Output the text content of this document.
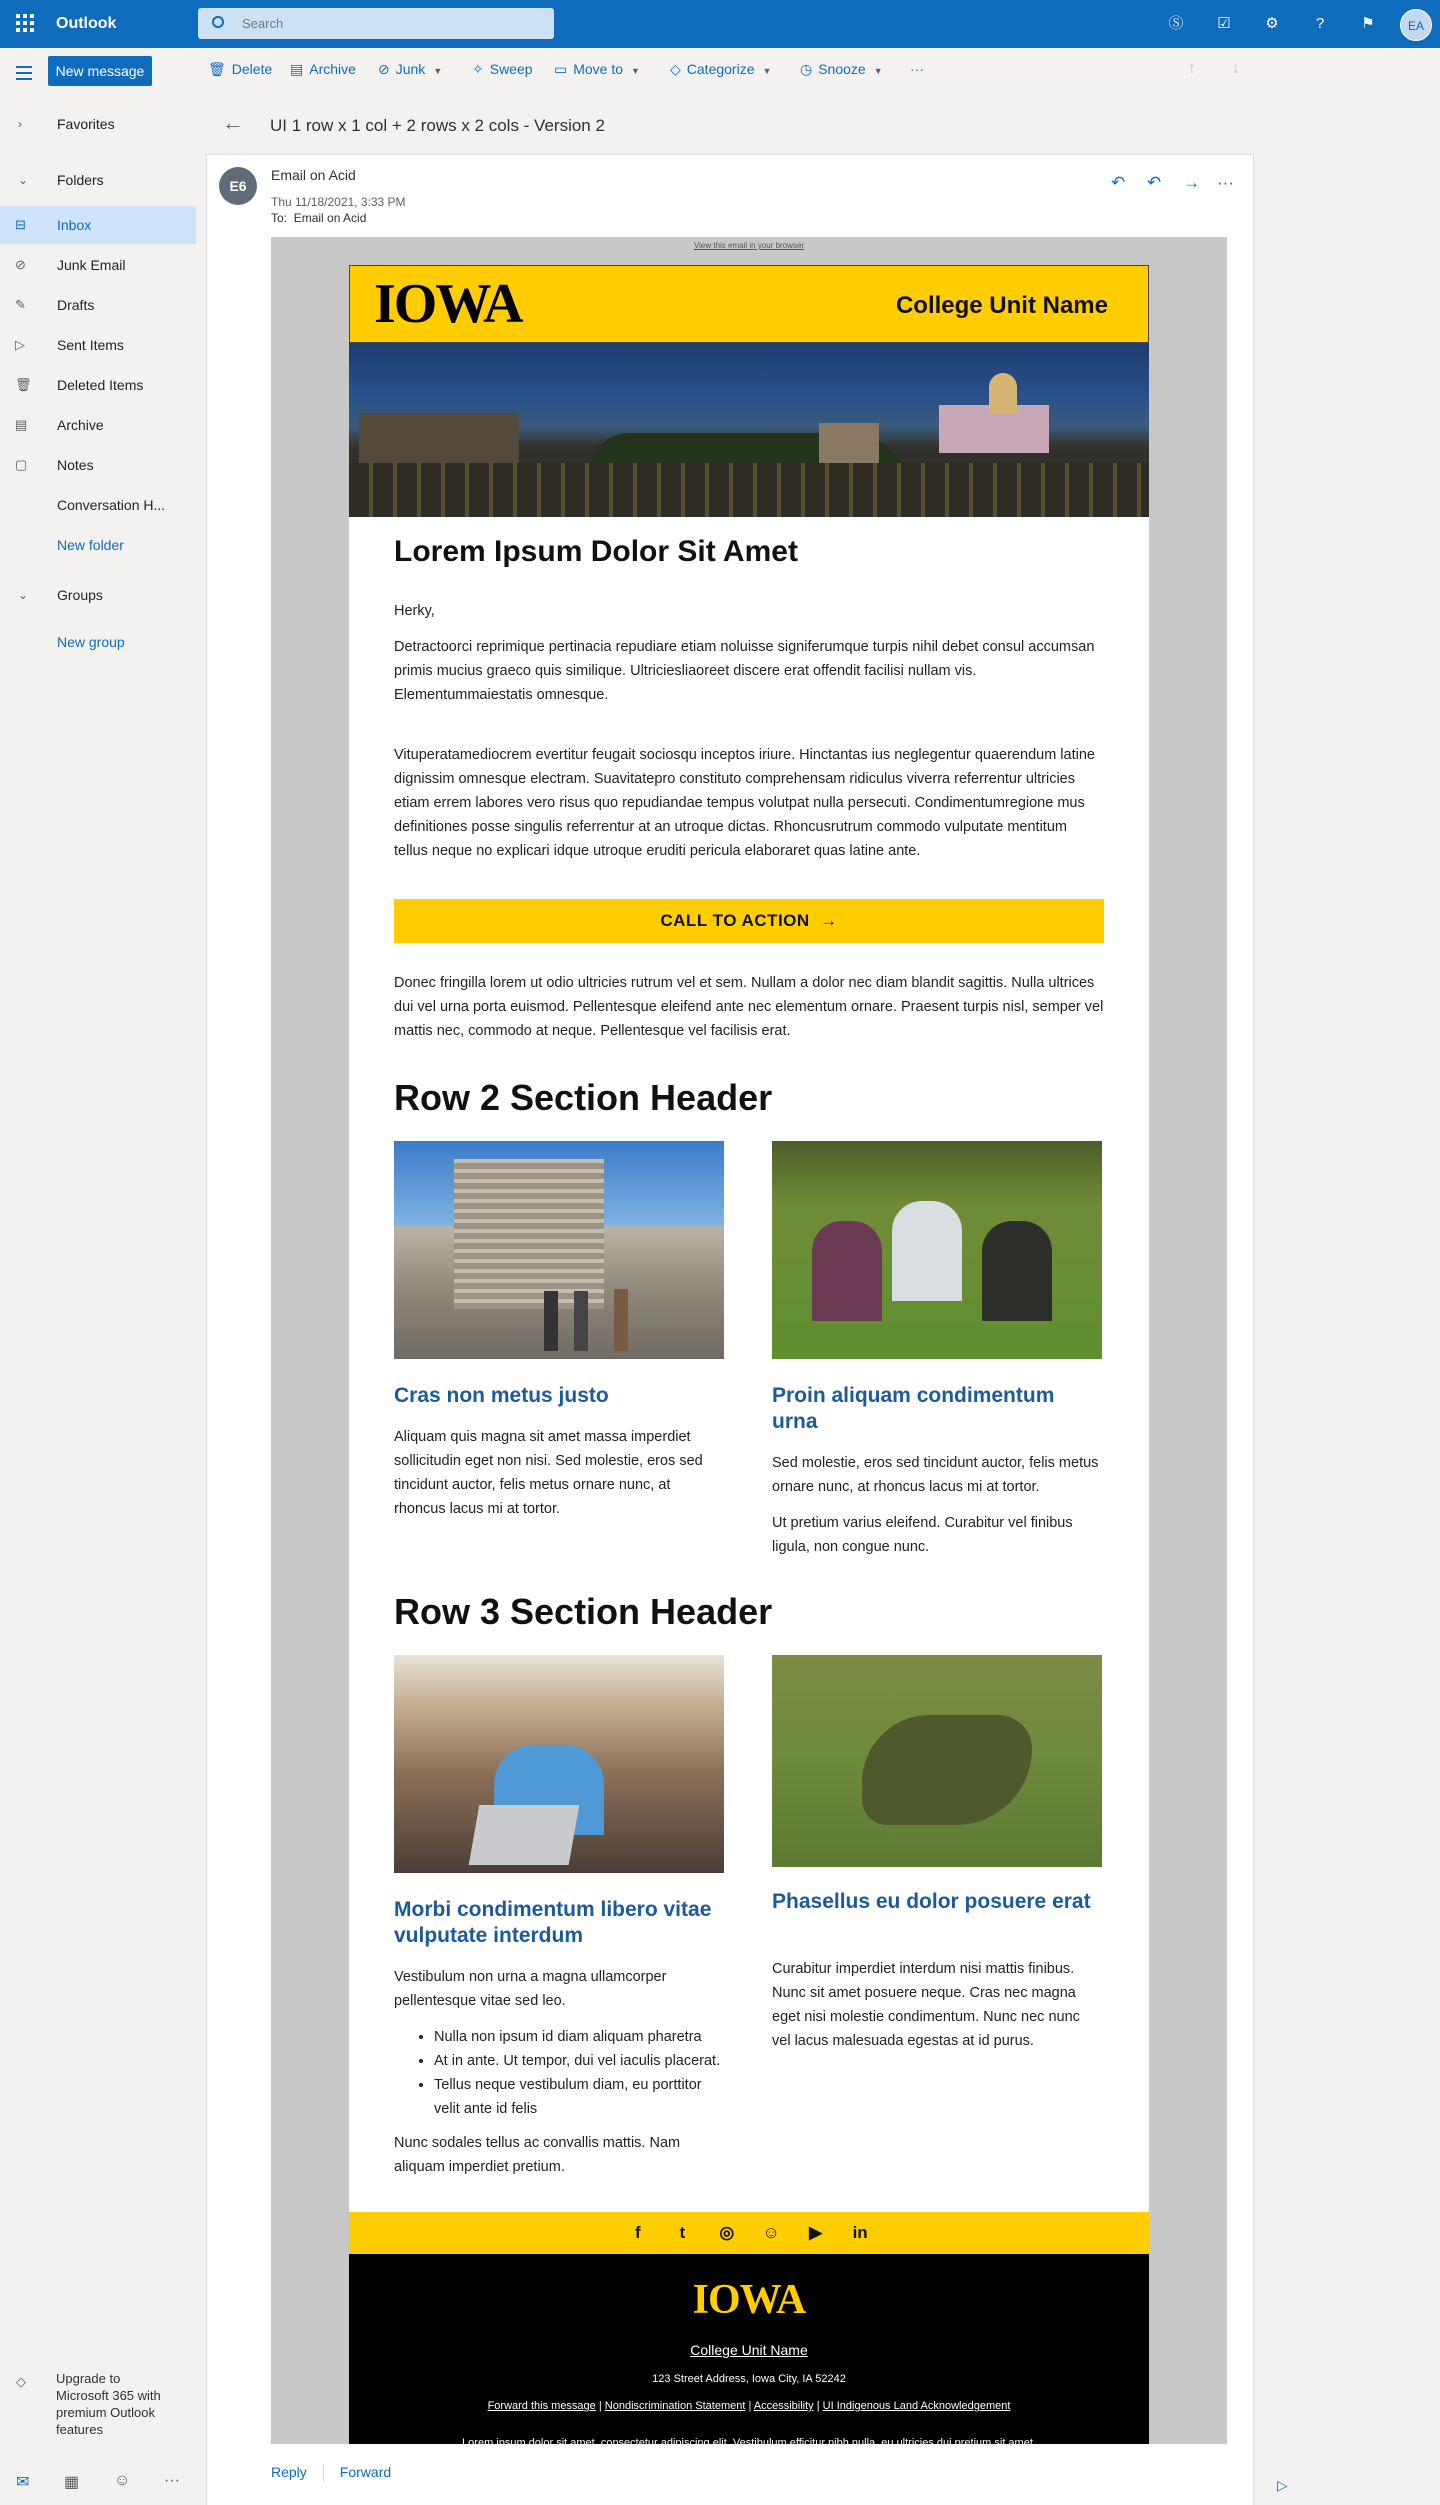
Outlook	Search	Ⓢ ☑ ⚙	?	⚑	EA
New message
›	Favorites
⌄ Folders
⊟ Inbox
⊘ Junk Email
✎ Drafts
▷ Sent Items
🗑 Deleted Items
▤ Archive
▢ Notes
Conversation H...
New folder
⌄ Groups
New group
◇ Upgrade to Microsoft 365 with premium Outlook features
✉ ▦ ☺ ···
🗑 Delete ▤ Archive ⊘ Junk ▼ ✧ Sweep ▭ Move to ▼ ◇ Categorize ▼ ◷ Snooze ▼ ···	↑ ↓
← UI 1 row x 1 col + 2 rows x 2 cols - Version 2
E6
Email on Acid
Thu 11/18/2021, 3:33 PM
To: Email on Acid
↶ ↶ → ···
View this email in your browser
IOWA	College Unit Name
Lorem Ipsum Dolor Sit Amet
Herky,
Detractoorci reprimique pertinacia repudiare etiam noluisse signiferumque turpis nihil debet consul accumsan primis mucius graeco quis similique. Ultriciesliaoreet discere erat offendit facilisi nullam vis. Elementummaiestatis omnesque.
Vituperatamediocrem evertitur feugait sociosqu inceptos iriure. Hinctantas ius neglegentur quaerendum latine dignissim omnesque electram. Suavitatepro constituto comprehensam ridiculus viverra referrentur ultricies etiam errem labores vero risus quo repudiandae tempus volutpat nulla persecuti. Condimentumregione mus definitiones posse singulis referrentur at an utroque dictas. Rhoncusrutrum commodo vulputate mentitum tellus neque no explicari idque utroque eruditi pericula elaboraret quas latine ante.
CALL TO ACTION →
Donec fringilla lorem ut odio ultricies rutrum vel et sem. Nullam a dolor nec diam blandit sagittis. Nulla ultrices dui vel urna porta euismod. Pellentesque eleifend ante nec elementum ornare. Praesent turpis nisl, semper vel mattis nec, commodo at neque. Pellentesque vel facilisis erat.
Row 2 Section Header
Cras non metus justo
Aliquam quis magna sit amet massa imperdiet sollicitudin eget non nisi. Sed molestie, eros sed tincidunt auctor, felis metus ornare nunc, at rhoncus lacus mi at tortor.
Proin aliquam condimentum urna
Sed molestie, eros sed tincidunt auctor, felis metus ornare nunc, at rhoncus lacus mi at tortor.
Ut pretium varius eleifend. Curabitur vel finibus ligula, non congue nunc.
Row 3 Section Header
Morbi condimentum libero vitae vulputate interdum
Vestibulum non urna a magna ullamcorper pellentesque vitae sed leo.
• Nulla non ipsum id diam aliquam pharetra
• At in ante. Ut tempor, dui vel iaculis placerat.
• Tellus neque vestibulum diam, eu porttitor velit ante id felis
Nunc sodales tellus ac convallis mattis. Nam aliquam imperdiet pretium.
Phasellus eu dolor posuere erat
Curabitur imperdiet interdum nisi mattis finibus. Nunc sit amet posuere neque. Cras nec magna eget nisi molestie condimentum. Nunc nec nunc vel lacus malesuada egestas at id purus.
f t ◎ ☺ ▶ in
IOWA
College Unit Name
123 Street Address, Iowa City, IA 52242
Forward this message | Nondiscrimination Statement | Accessibility | UI Indigenous Land Acknowledgement
Lorem ipsum dolor sit amet, consectetur adipiscing elit. Vestibulum efficitur nibh nulla, eu ultricies dui pretium sit amet.
Reply Forward
▷
